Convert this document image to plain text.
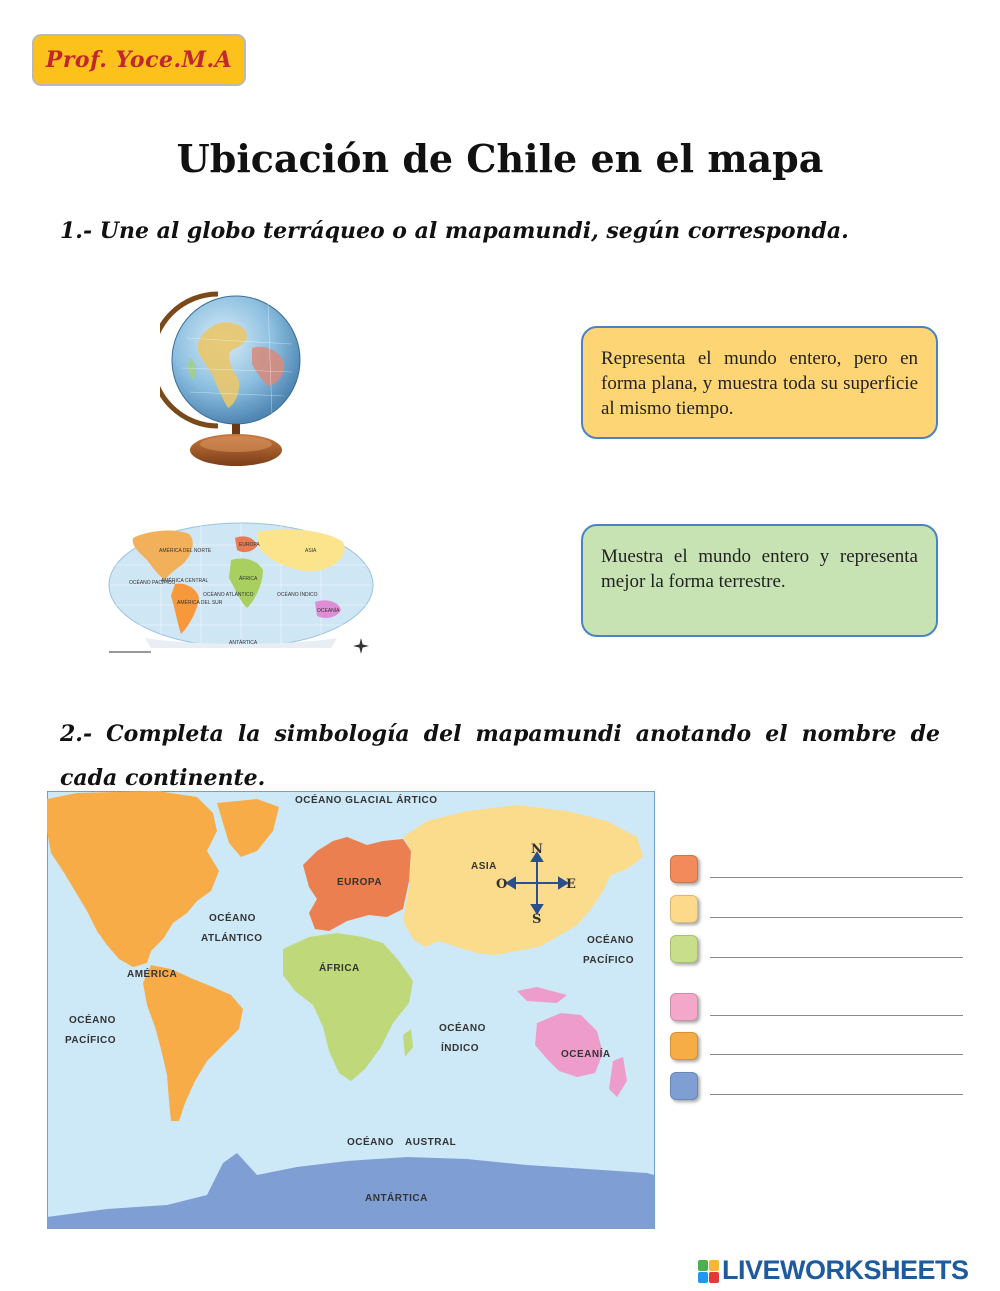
Prof. Yoce.M.A
Ubicación de Chile en el mapa
1.- Une al globo terráqueo o al mapamundi, según corresponda.
AMÉRICA DEL NORTE
AMÉRICA CENTRAL
AMÉRICA DEL SUR
EUROPA
ASIA
ÁFRICA
OCEANÍA
ANTÁRTICA
OCÉANO PACÍFICO
OCÉANO ATLÁNTICO	OCÉANO ÍNDICO
Representa el mundo entero, pero en forma plana, y muestra toda su superficie al mismo tiempo.
Muestra el mundo entero y representa mejor la forma terrestre.
2.- Completa la simbología del mapamundi anotando el nombre de cada continente.
OCÉANO GLACIAL ÁRTICO
EUROPA
ASIA
AMÉRICA
ÁFRICA
OCEANÍA
ANTÁRTICA
OCÉANO
ATLÁNTICO
OCÉANO
PACÍFICO
OCÉANO
PACÍFICO
OCÉANO
ÍNDICO
OCÉANO AUSTRAL
N
S
E
O
LIVEWORKSHEETS
